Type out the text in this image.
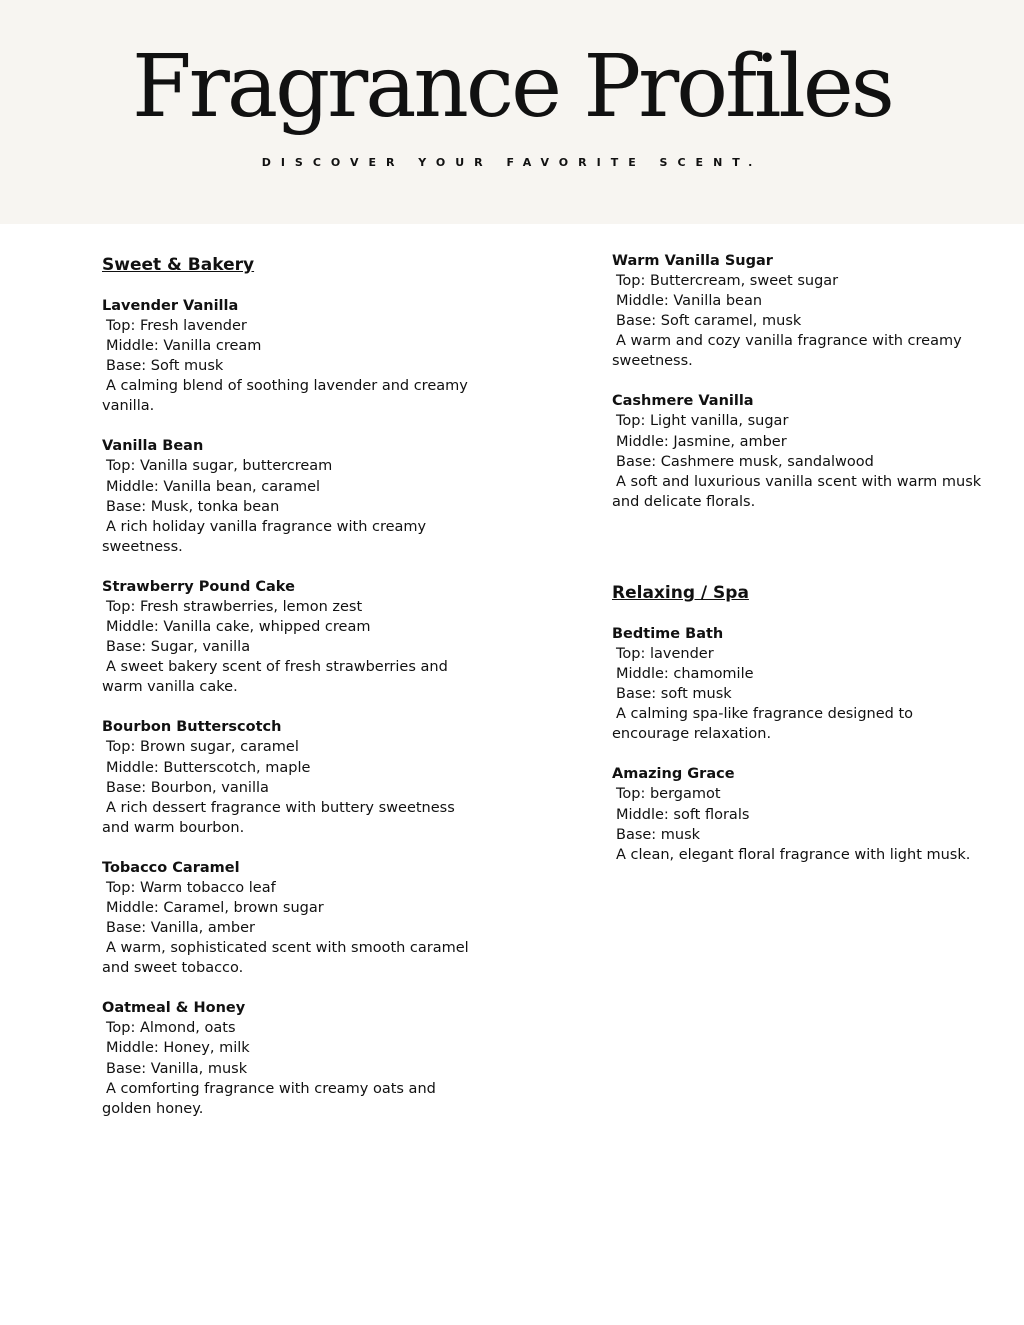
Fragrance Profiles

DISCOVER YOUR FAVORITE SCENT.

Sweet & Bakery

Lavender Vanilla

Top: Fresh lavender

Middle: Vanilla cream

Base: Soft musk

A calming blend of soothing lavender and creamy vanilla.

Vanilla Bean

Top: Vanilla sugar, buttercream

Middle: Vanilla bean, caramel

Base: Musk, tonka bean

A rich holiday vanilla fragrance with creamy sweetness.

Strawberry Pound Cake

Top: Fresh strawberries, lemon zest

Middle: Vanilla cake, whipped cream

Base: Sugar, vanilla

A sweet bakery scent of fresh strawberries and warm vanilla cake.

Bourbon Butterscotch

Top: Brown sugar, caramel

Middle: Butterscotch, maple

Base: Bourbon, vanilla

A rich dessert fragrance with buttery sweetness and warm bourbon.

Tobacco Caramel

Top: Warm tobacco leaf

Middle: Caramel, brown sugar

Base: Vanilla, amber

A warm, sophisticated scent with smooth caramel and sweet tobacco.

Oatmeal & Honey

Top: Almond, oats

Middle: Honey, milk

Base: Vanilla, musk

A comforting fragrance with creamy oats and golden honey.

Warm Vanilla Sugar

Top: Buttercream, sweet sugar

Middle: Vanilla bean

Base: Soft caramel, musk

A warm and cozy vanilla fragrance with creamy sweetness.

Cashmere Vanilla

Top: Light vanilla, sugar

Middle: Jasmine, amber

Base: Cashmere musk, sandalwood

A soft and luxurious vanilla scent with warm musk and delicate florals.

Relaxing / Spa

Bedtime Bath

Top: lavender

Middle: chamomile

Base: soft musk

A calming spa-like fragrance designed to encourage relaxation.

Amazing Grace

Top: bergamot

Middle: soft florals

Base: musk

A clean, elegant floral fragrance with light musk.
